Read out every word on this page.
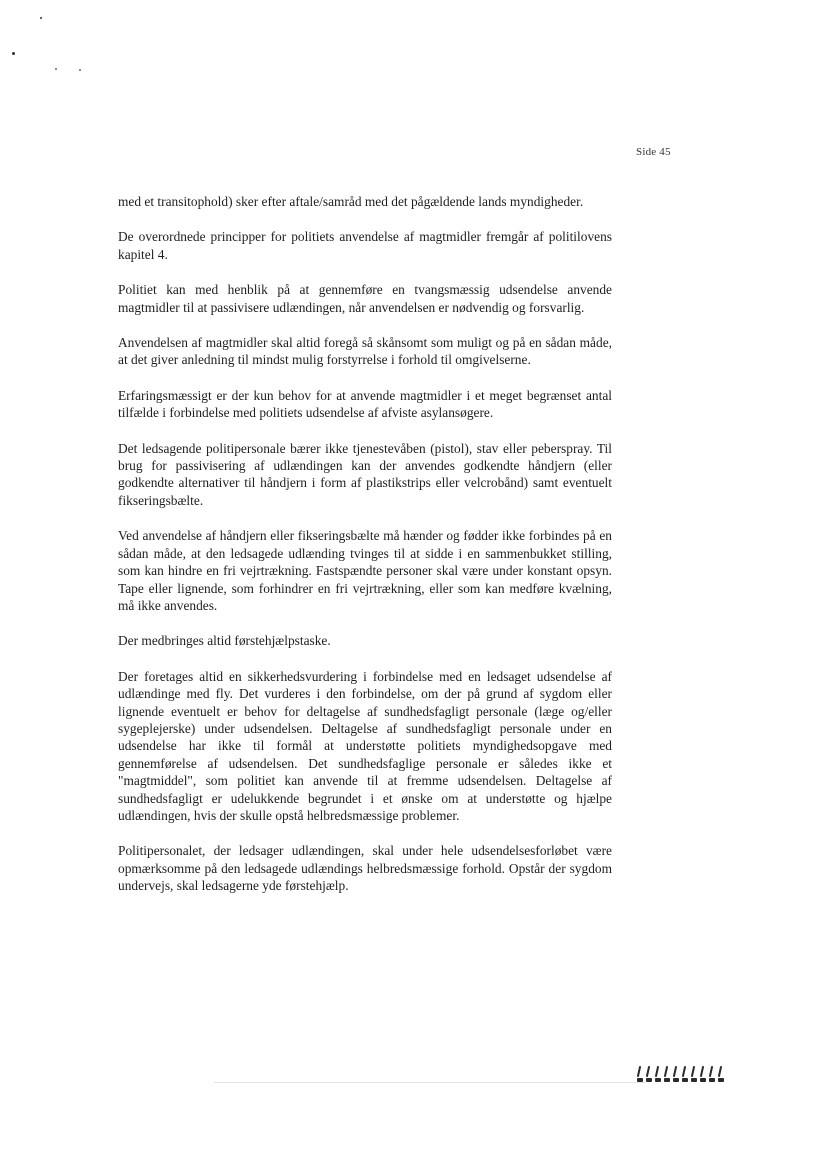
Side 45

med et transitophold) sker efter aftale/samråd med det pågældende lands myndigheder.

De overordnede principper for politiets anvendelse af magtmidler fremgår af politilovens kapitel 4.

Politiet kan med henblik på at gennemføre en tvangsmæssig udsendelse anvende magtmidler til at passivisere udlændingen, når anvendelsen er nødvendig og forsvarlig.

Anvendelsen af magtmidler skal altid foregå så skånsomt som muligt og på en sådan måde, at det giver anledning til mindst mulig forstyrrelse i forhold til omgivelserne.

Erfaringsmæssigt er der kun behov for at anvende magtmidler i et meget begrænset antal tilfælde i forbindelse med politiets udsendelse af afviste asylansøgere.

Det ledsagende politipersonale bærer ikke tjenestevåben (pistol), stav eller peberspray. Til brug for passivisering af udlændingen kan der anvendes godkendte håndjern (eller godkendte alternativer til håndjern i form af plastikstrips eller velcrobånd) samt eventuelt fikseringsbælte.

Ved anvendelse af håndjern eller fikseringsbælte må hænder og fødder ikke forbindes på en sådan måde, at den ledsagede udlænding tvinges til at sidde i en sammenbukket stilling, som kan hindre en fri vejrtrækning. Fastspændte personer skal være under konstant opsyn. Tape eller lignende, som forhindrer en fri vejrtrækning, eller som kan medføre kvælning, må ikke anvendes.

Der medbringes altid førstehjælpstaske.

Der foretages altid en sikkerhedsvurdering i forbindelse med en ledsaget udsendelse af udlændinge med fly. Det vurderes i den forbindelse, om der på grund af sygdom eller lignende eventuelt er behov for deltagelse af sundhedsfagligt personale (læge og/eller sygeplejerske) under udsendelsen. Deltagelse af sundhedsfagligt personale under en udsendelse har ikke til formål at understøtte politiets myndighedsopgave med gennemførelse af udsendelsen. Det sundhedsfaglige personale er således ikke et "magtmiddel", som politiet kan anvende til at fremme udsendelsen. Deltagelse af sundhedsfagligt er udelukkende begrundet i et ønske om at understøtte og hjælpe udlændingen, hvis der skulle opstå helbredsmæssige problemer.

Politipersonalet, der ledsager udlændingen, skal under hele udsendelsesforløbet være opmærksomme på den ledsagede udlændings helbredsmæssige forhold. Opstår der sygdom undervejs, skal ledsagerne yde førstehjælp.
